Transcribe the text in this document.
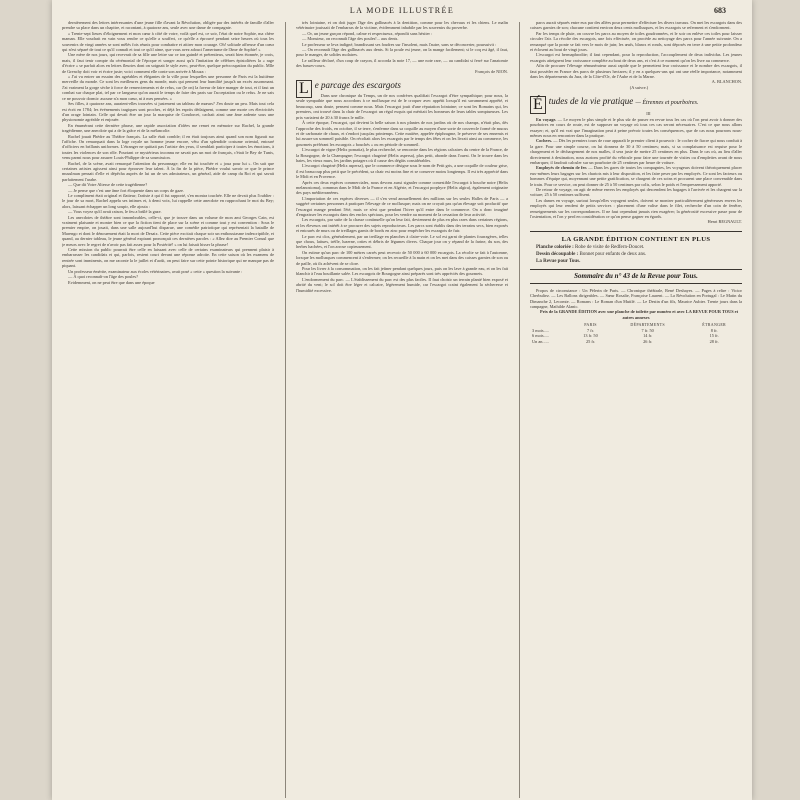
LA MODE ILLUSTRÉE	683

dernièrement des lettres intéressantes d'une jeune fille d'avant la Révolution, obligée par des intérêts de famille d'aller prendre sa place dans un chapitre, et racontant, à quatorze ans, seule avec une dame de compagnie.

« Trente-sept lieues d'éloignement et mon cœur à côté de votre, voilà quel est, ce soir, l'état de notre Sophie, ma chère maman. Elle voudrait en vain vous rendre ce qu'elle a souffert, ce qu'elle a éprouvé pendant seize heures où tous les souvenirs de vingt années se sont mêlés fois réunis pour combattre et attirer mon courage. Oh! solitude affreuse d'un cœur qui n'est séparé de tout ce qu'il connaît et tout ce qu'il aime, que vous avez adouci l'amertume de l'âme de Sophie! »

Une mère de nos jours, qui recevrait de sa fille une lettre sur ce ton guindé et prétentieux, serait bien étonnée, je crois, mais, il faut tenir compte du cérémonial de l'époque et songer aussi qu'à l'imitation de célèbres épistolières la « rage d'écrire » se parfait alors en lettres fleuries dont on soignait le style avec, peut-être, quelque préoccupation du public. Mlle de Grenchy doit voir et écrire juste; voici comment elle conte son arrivée à Mouza :

« J'ai vu entrer un essaim des agréables et élégantes de la ville pour lesquelles une personne de Paris est la huitième merveille du monde. Ce sont les meilleures gens du monde, mais qui pensent leur humilité jusqu'à un excès assommant. J'ai vraiment la gorge sèche à force de remerciements et de refus, car (le on) la faveur de faire manger de tout, et il faut un combat sur chaque plat, tel par ce langueur qu'on aurait le temps de faire des paris sur l'acceptation ou le refus. Je ne sais ce ne pouvoir dormir: aucune n'a mon cœur, ni à mes pensées. »

Ses filles, à quatorze ans, auraient-elles trouvées si justement un tableau de mœurs? J'en doute un peu. Mais tout cela est écrit en 1784; les événements tragiques sont proches, et déjà les esprits dédaignent, comme une morte ces électricités d'un orage lointain. Celle qui devait être un jour la marquise de Condorcet, cachait ainsi une âme ardente sous une physionomie agréable et enjouée.

En énumérant cette dernière phrase, une rapide association d'idées me remet en mémoire sur Rachel, la grande tragédienne, une anecdote qui a de la grâce et de la mélancolie.

Rachel jouait Phèdre au Théâtre français. La salle était comble; il en était toujours ainsi quand son nom figurait sur l'affiche. On remarquait dans la loge royale un homme jeune encore, vêtu d'un splendide costume oriental, entouré d'officiers en brillants uniformes. L'étranger ne quittait pas l'artiste des yeux, il semblait participer à toutes les émotions, à toutes les violences de son rôle. Pourtant ce mystérieux inconnu ne savait pas un mot de français, c'était le Bey de Tunis, venu parmi nous pour assurer Louis-Philippe de sa soumission.

Rachel, de la scène, avait remarqué l'attention du personnage; elle en fut touchée et « joua pour lui ». On sait que certaines artistes agissent ainsi pour éprouver leur talent. À la fin de la pièce, Phèdre voulut savoir ce que le prince musulman pensait d'elle et dépêcha auprès de lui un de ses admirateurs, un général, aide de camp du Roi et qui savait parfaitement l'arabe.

— Que dit Votre Altesse de cette tragédienne?

— Je pense que c'est une âme fort éloquente dans un corps de gaze.

Le compliment était original et flatteur; l'artiste à qui il fut rapporté, s'en montra touchée. Elle ne devait plus l'oublier : le jour de sa mort, Rachel appela ses intimes et, à demi voix, lui rappelle cette anecdote en rapprochant le mot du Bey; alors, laissant échapper un long soupir, elle ajouta :

— Vous voyez qu'il avait raison, le feu a brûlé la gaze.

Les anecdotes de théâtre sont innombrables, celle-ci, que je trouve dans un volume de mon ami Georges Cain, est vraiment plaisante et montre bien ce que la fiction tient de place sur la scène et comme tout y est convention : Sous le premier empire, on jouait, dans une salle aujourd'hui disparue, une comédie patriotique qui représentait la bataille de Marengo et dont le dénouement était la mort de Desaix. Cette pièce excitait chaque soir un enthousiasme indescriptible, et quand, au dernier tableau, le jeune général expirant prononçait ces dernières paroles : « Allez dire au Premier Consul que je meurs avec le regret de n'avoir pas fait assez pour la Postérité! » on lui faisait hisser la phrase!

Cette mission du public pourrait être celle en laissant avec celle de certains examinateurs qui prennent plaisir à embarrasser les candidats et qui, parfois, restent court devant une réponse adroite. En cette saison où les examens de rentrée sont imminents, on me raconte la le juillet et d'août, on peut faire sur cette pointe historique qui ne manque pas de piquant.

Un professeur émérite, examinateur aux écoles vétérinaires, avait posé « cette » question la suivante :

— À quoi reconnaît-on l'âge des poules?

Evidemment, on ne peut être que dans une époque

très lointaine, et on doit juger l'âge des gallinacés à la dentition, comme pour les chevaux et les chiens. Le malin vétérinaire jouissait de l'embarras de la victime, évidemment inhabile par les souvenirs du proverbe.

— Or, un jeune garçon répond, calme et respectueux, répondit sans hésiter :

— Monsieur, on reconnaît l'âge des poules!... aux dents.

Le professeur se leva indigné, brandissant ses foudres sur l'insolent, mais l'autre, sans se déconcerter, poursuivit :

— On reconnaît l'âge des gallinacés aux dents. Si la poule est jeune, on la mange facilement; si le coq est âgé, il faut, pour le manger, de solides molaires.

Le railleur déclaré, d'un coup de crayon, il accorda la note 17, — une note rare, — au candidat si ferré sur l'anatomie des basses-cours.

François de NION.

L e parcage des escargots

Dans une chronique du Temps, un de nos confrères qualifiait l'escargot d'être sympathique; pour nous, la seule sympathie que nous accordons à ce mollusque est de le croquer avec appétit lorsqu'il est savamment apprêté, et beaucoup, sans doute, pensent comme nous. Mais l'escargot jouit d'une réputation lointaine; ce sont les Romains qui, les premiers, ont trouvé dans la chair de l'escargot un régal exquis qui méritait les honneurs de leurs tables somptueuses. Les prix variaient de 20 à 30 francs le mille.

À cette époque, l'escargot, qui devient la belle saison à nos plantes de nos jardins où de nos champs, n'était plus, dès l'approche des froids, en octobre, il se terre, s'enferme dans sa coquille au moyen d'une sorte de couvercle formé de mucus et de carbonate de chaux, et s'endort jusqu'au printemps. Cette matière, appelée épiphragme, le préserve de ses ennemis et lui assure un sommeil paisible. On récoltait alors les escargots par le temps des fêtes et on les livrait ainsi au commerce, les gourmets préférant les escargots « bouchés » ou en période de sommeil.

L'escargot de vigne (Helix pomatia), le plus recherché, se rencontre dans les régions calcaires du centre de la France, de la Bourgogne, de la Champagne; l'escargot chagriné (Helix aspersa), plus petit, abonde dans l'ouest. On le trouve dans les haies, les vieux murs, les jardins potagers où il cause des dégâts considérables.

L'escargot chagriné (Helix aspersa), que le commerce désigne sous le nom de Petit gris, a une coquille de couleur grise, il est beaucoup plus petit que le précédent, sa chair est moins fine et se conserve moins longtemps. Il est très apprécié dans le Midi et en Provence.

Après ces deux espèces commerciales, nous devons aussi signaler comme comestible l'escargot à bouche noire (Helix melanostoma), commun dans le Midi de la France et en Algérie, et l'escargot porphyre (Helix algira), également originaire des pays méditerranéens.

L'importation de ces espèces diverses — il s'en vend annuellement des millions sur les seules Halles de Paris — a suggéré certaines personnes à pratiquer l'élevage de ce mollusque; mais on ne croyait pas qu'un élevage soit productif que l'escargot mange pendant l'été, mais ce n'est que pendant l'hiver qu'il entre dans le commerce. On a donc imaginé d'engraisser les escargots dans des enclos spéciaux, pour les vendre au moment de la cessation de leur activité.

Les escargots, par suite de la chasse continuelle qu'on leur fait, deviennent de plus en plus rares dans certaines régions, et les éleveurs ont intérêt à se procurer des sujets reproducteurs. Les parcs sont établis dans des terrains secs, bien exposés et entourés de murs ou de treillages garnis de bords en zinc pour empêcher les escargots de fuir.

Le parc est clos, généralement, par un treillage en planches à claire-voie. Le sol est garni de plantes fourragères, telles que choux, laitues, trèfle, luzerne, orties et débris de légumes divers. Chaque jour on y répand de la farine, du son, des herbes hachées, et l'on arrose copieusement.

On estime qu'un parc de 100 mètres carrés peut recevoir de 50 000 à 60 000 escargots. La récolte se fait à l'automne, lorsque les mollusques commencent à s'enfermer; on les recueille à la main et on les met dans des caisses garnies de son ou de paille, où ils achèvent de se clore.

Pour les livrer à la consommation, on les fait jeûner pendant quelques jours, puis on les lave à grande eau, et on les fait blanchir à l'eau bouillante salée. Les escargots de Bourgogne ainsi préparés sont très appréciés des gourmets.

L'endormement du parc. — L'établissement du parc est des plus faciles. Il faut choisir un terrain planté bien exposé et abrité du vent; le sol doit être léger et calcaire, légèrement humide, car l'escargot craint également la sécheresse et l'humidité excessive.

parcs aurait séparés entre eux par des allées pour permettre d'effectuer les divers travaux. On met les escargots dans des caisses garnies de son; chacune contient environ deux cents mollusques, et les escargots se referment et s'endorment.

Par les temps de pluie, on couvre les parcs au moyen de toiles goudronnées, et le soir on enlève ces toiles pour laisser circuler l'air. La récolte des escargots, une fois effectuée, on procède au nettoyage des parcs pour l'année suivante. On a remarqué que la ponte se fait vers le mois de juin; les œufs, blancs et ronds, sont déposés en terre à une petite profondeur et éclosent au bout de vingt jours.

L'escargot est hermaphrodite; il faut cependant, pour la reproduction, l'accouplement de deux individus. Les jeunes escargots atteignent leur croissance complète au bout de deux ans, et c'est à ce moment qu'on les livre au commerce.

Afin de procurer l'élevage rémunérateur aussi rapide que le permettent leur croissance et le nombre des escargots, il faut posséder en France des parcs de plusieurs hectares; il y en a quelques-uns qui ont une réelle importance, notamment dans les départements du Jura, de la Côte-d'Or, de l'Aube et de la Marne.

A. BLANCHON.

(A suivre.)

É tudes de la vie pratique — Étrennes et pourboires.

III

En voyage. — Le moyen le plus simple et le plus sûr de passer en revue tous les cas où l'on peut avoir à donner des pourboires en cours de route, est de supposer un voyage où tous ces cas seront nécessaires. C'est ce que nous allons essayer; et, qu'il est vrai que l'imagination peut à peine prévoir toutes les conséquences, que de cas nous pourrons nous-mêmes nous en rencontrer dans la pratique.

Cochers. — Dès les premiers tours de roue apparaît le premier client à pourvoir : le cocher de fiacre qui nous conduit à la gare. Pour une simple course, on lui donnera de 30 à 50 centimes; mais, si sa complaisance est requise pour le chargement et le déchargement de nos malles, il sera juste de mettre 25 centimes en plus. Dans le cas où, au lieu d'aller directement à destination, nous aurions profité du véhicule pour faire une tournée de visites ou d'emplettes avant de nous embarquer, il faudrait calculer sur un pourboire de 25 centimes par heure de voiture.

Employés de chemin de fer. — Dans les gares de toutes les compagnies, les voyageurs doivent théoriquement placer eux-mêmes leurs bagages sur les chariots mis à leur disposition, et les faire peser par les employés. Ce sont les facteurs ou hommes d'équipe qui, moyennant une petite gratification, se chargent de ces soins et procurent une place convenable dans le train. Pour ce service, on peut donner de 25 à 50 centimes par colis, selon le poids et l'empressement apporté.

De retour de voyage, on agit de même envers les employés qui descendent les bagages à l'arrivée et les chargent sur la voiture; 25 à 50 centimes suffisent.

Les dames en voyage, surtout lorsqu'elles voyagent seules, doivent se montrer particulièrement généreuses envers les employés qui leur rendent de petits services : placement d'une valise dans le filet, recherche d'un coin de fenêtre, renseignements sur les correspondances. Il ne faut cependant jamais rien exagérer; la générosité excessive passe pour de l'ostentation, et l'on y perd en considération ce qu'on pense gagner en égards.

Henri REGNAULT.

LA GRANDE ÉDITION CONTIENT EN PLUS

Planche coloriée : Robe de visite de Redfern-Doucet.

Dessin découpable : Bonnet pour enfants de deux ans.

La Revue pour Tous.

Sommaire du n° 43 de la Revue pour Tous.

Propos de circonstance : Un Pèlerin de Paris. — Chronique théâtrale, René Deshayes. — Pages à relire : Victor Cherbuliez. — Les Ballons dirigeables. — Sœur Rosalie, Françoise Laurent. — La Révolution en Portugal : Le Matin du Dimanche 2, Lecomte. — Romans : Le Roman d'un Mutilé. — Le Destin d'un fils, Maurice Aubier. Trente jours dans la campagne, Mathilde Alanic.

Prix de la GRANDE ÉDITION avec une planche de toilette par numéro et avec LA REVUE POUR TOUS et autres annexes

	PARIS	DÉPARTEMENTS	ÉTRANGER
3 mois.....	7 fr.	7 fr. 50	8 fr.
6 mois.....	13 fr. 50	14 fr.	15 fr.
Un an......	25 fr.	26 fr.	28 fr.
